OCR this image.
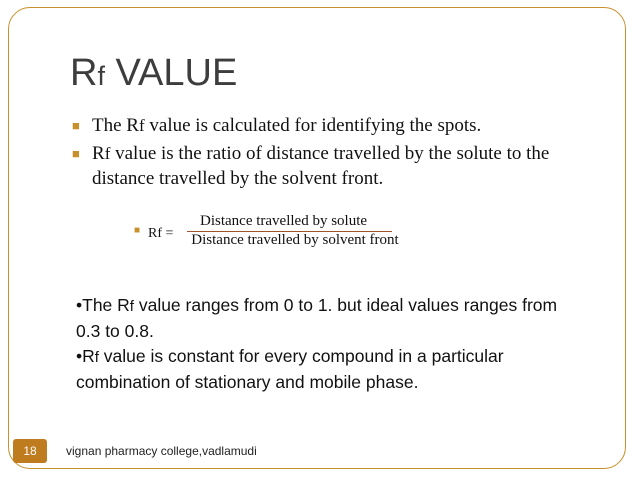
Rf VALUE
■ The Rf value is calculated for identifying the spots.
■ Rf value is the ratio of distance travelled by the solute to the distance travelled by the solvent front.
■ Rf =
Distance travelled by solute
Distance travelled by solvent front

•The Rf value ranges from 0 to 1. but ideal values ranges from 0.3 to 0.8.

•Rf value is constant for every compound in a particular combination of stationary and mobile phase.

18	vignan pharmacy college,vadlamudi
